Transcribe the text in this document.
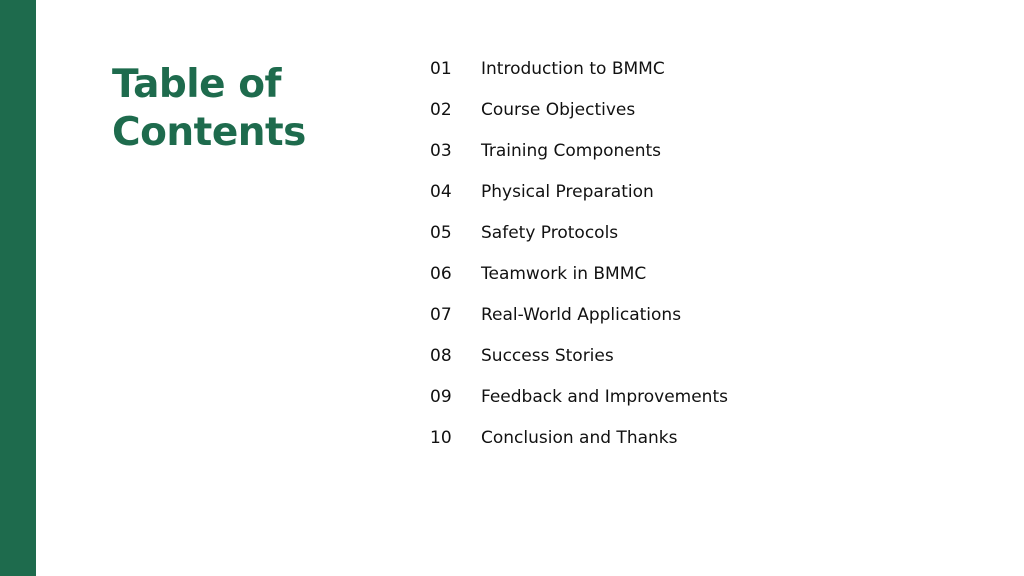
Table of Contents
01	Introduction to BMMC
02	Course Objectives
03	Training Components
04	Physical Preparation
05	Safety Protocols
06	Teamwork in BMMC
07	Real-World Applications
08	Success Stories
09	Feedback and Improvements
10	Conclusion and Thanks
